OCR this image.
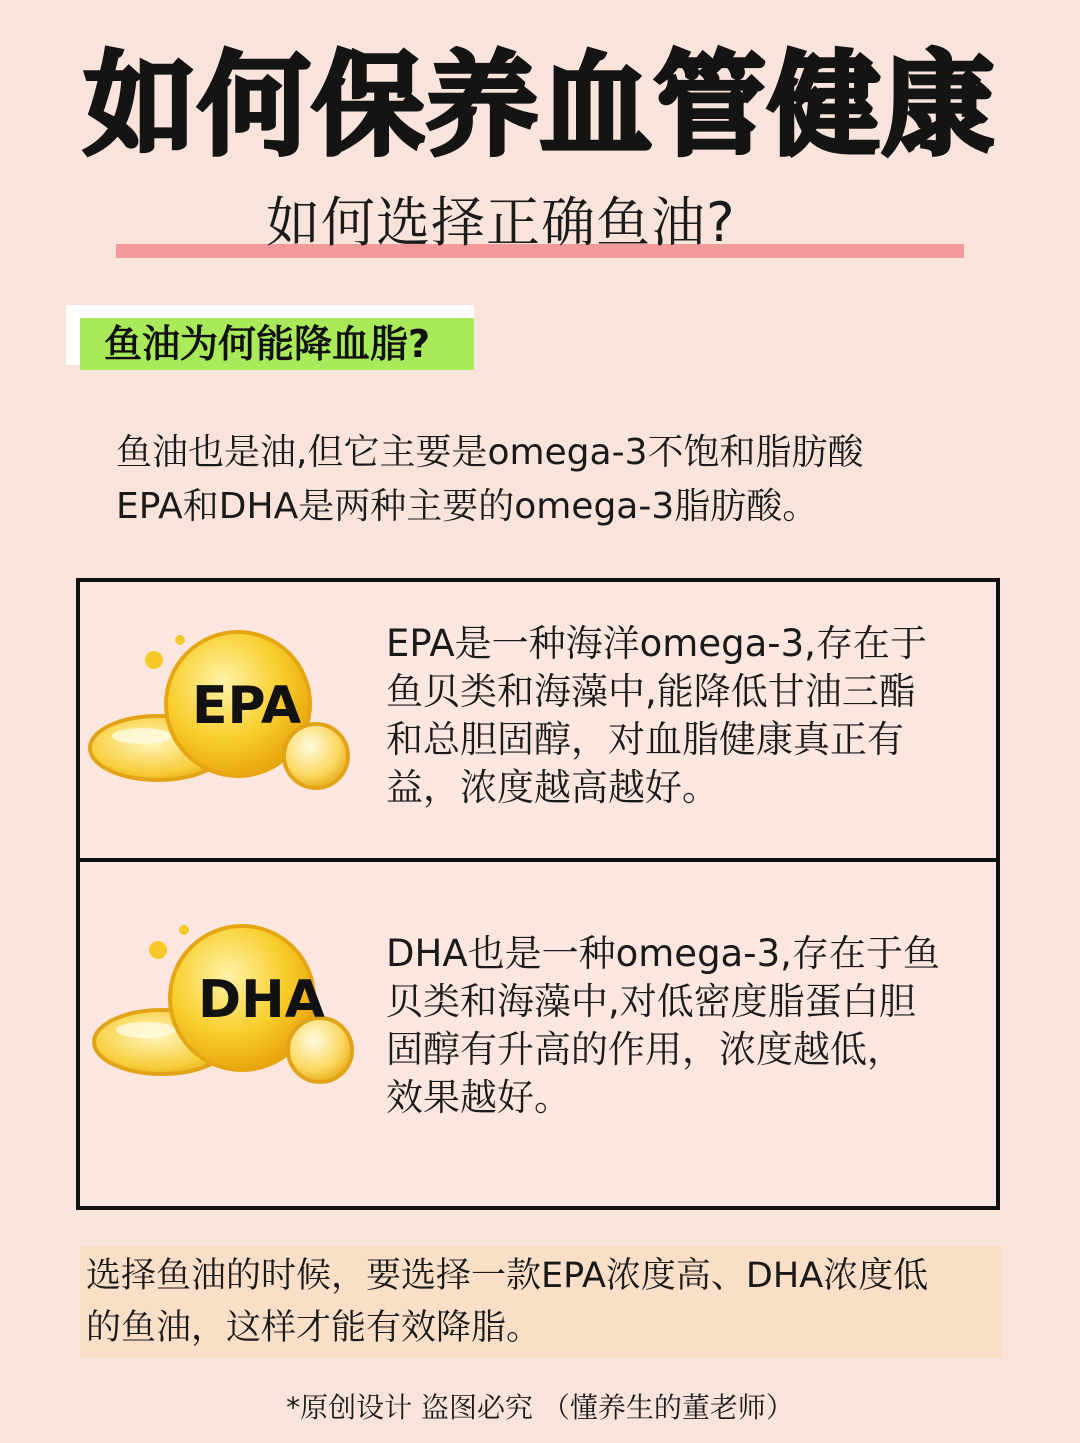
如何保养血管健康
如何选择正确鱼油?
鱼油为何能降血脂?

鱼油也是油,但它主要是omega-3不饱和脂肪酸

EPA和DHA是两种主要的omega-3脂肪酸。

EPA
EPA是一种海洋omega-3,存在于
鱼贝类和海藻中,能降低甘油三酯
和总胆固醇，对血脂健康真正有
益，浓度越高越好。
DHA
DHA也是一种omega-3,存在于鱼
贝类和海藻中,对低密度脂蛋白胆
固醇有升高的作用，浓度越低，
效果越好。
选择鱼油的时候，要选择一款EPA浓度高、DHA浓度低
的鱼油，这样才能有效降脂。
*原创设计 盗图必究 （懂养生的董老师）
